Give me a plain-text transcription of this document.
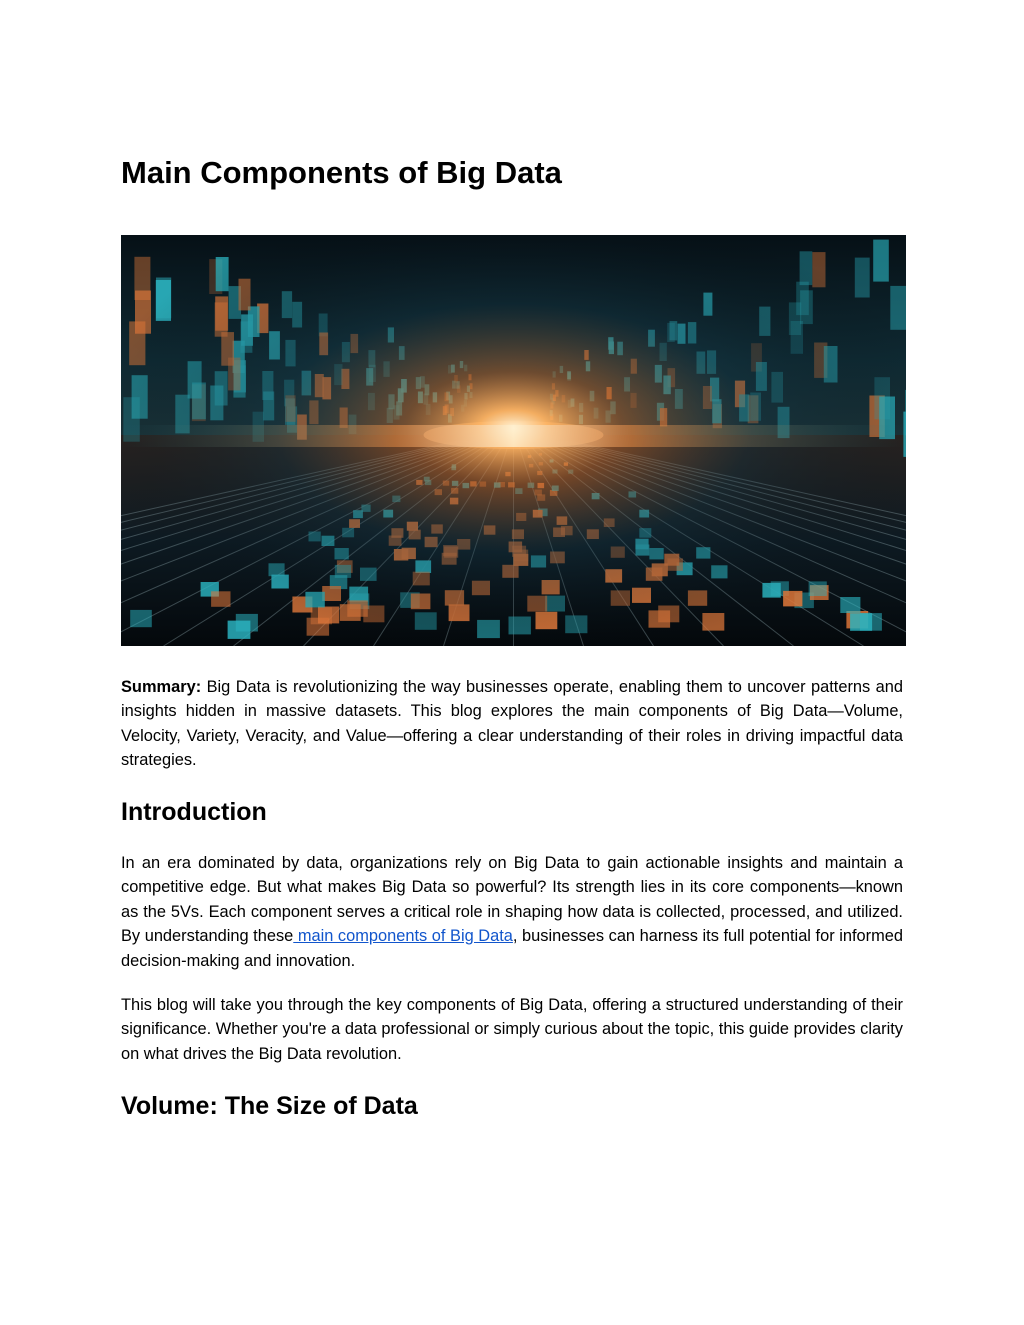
Main Components of Big Data

Summary: Big Data is revolutionizing the way businesses operate, enabling them to uncover patterns and insights hidden in massive datasets. This blog explores the main components of Big Data—Volume, Velocity, Variety, Veracity, and Value—offering a clear understanding of their roles in driving impactful data strategies.

Introduction

In an era dominated by data, organizations rely on Big Data to gain actionable insights and maintain a competitive edge. But what makes Big Data so powerful? Its strength lies in its core components—known as the 5Vs. Each component serves a critical role in shaping how data is collected, processed, and utilized. By understanding these main components of Big Data, businesses can harness its full potential for informed decision-making and innovation.

This blog will take you through the key components of Big Data, offering a structured understanding of their significance. Whether you're a data professional or simply curious about the topic, this guide provides clarity on what drives the Big Data revolution.

Volume: The Size of Data
